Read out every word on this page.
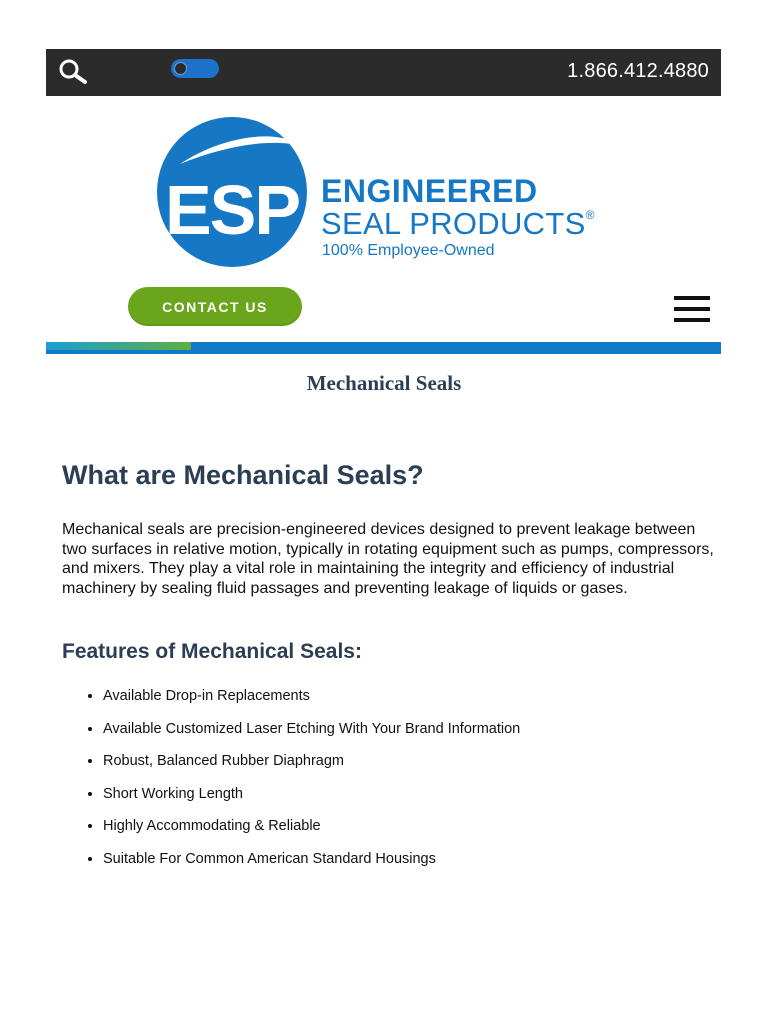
1.866.412.4880
ESP ENGINEERED
SEAL PRODUCTS®
100% Employee-Owned
CONTACT US
Mechanical Seals
What are Mechanical Seals?

Mechanical seals are precision-engineered devices designed to prevent leakage between two surfaces in relative motion, typically in rotating equipment such as pumps, compressors, and mixers. They play a vital role in maintaining the integrity and efficiency of industrial machinery by sealing fluid passages and preventing leakage of liquids or gases.

Features of Mechanical Seals:
• Available Drop-in Replacements
• Available Customized Laser Etching With Your Brand Information
• Robust, Balanced Rubber Diaphragm
• Short Working Length
• Highly Accommodating & Reliable
• Suitable For Common American Standard Housings
